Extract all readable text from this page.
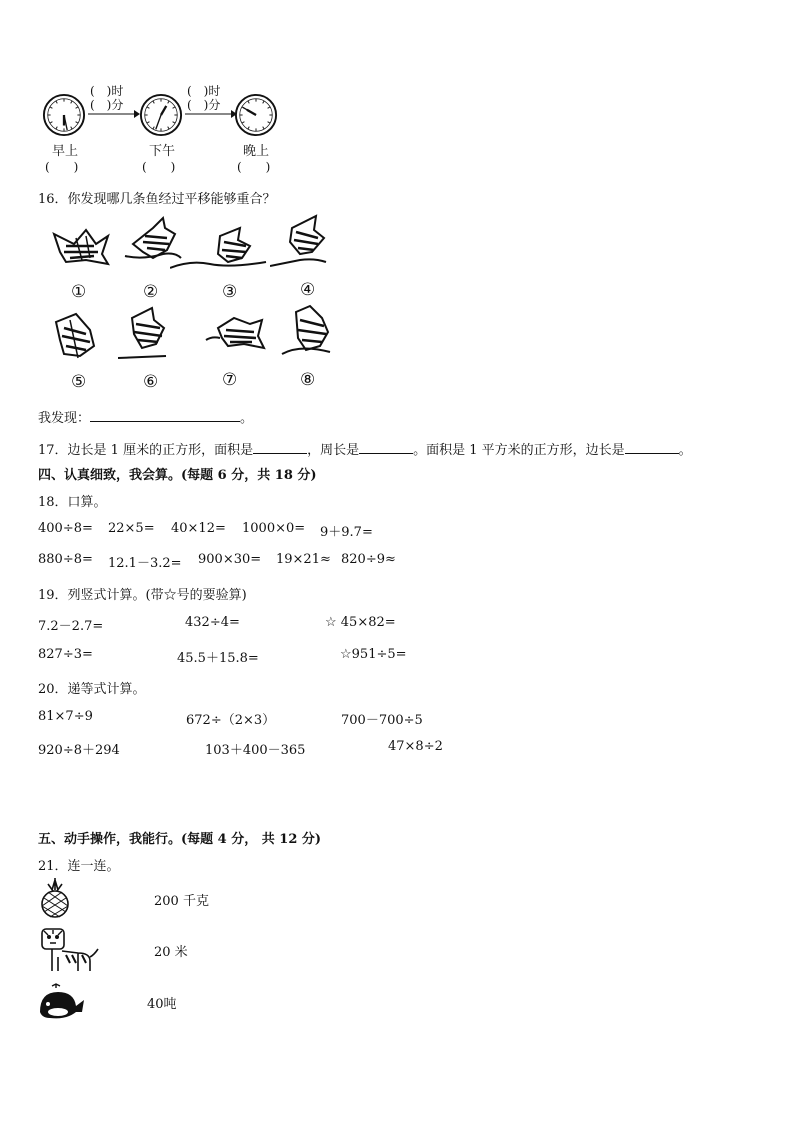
(　)时
(　)分
(　)时
(　)分
早上	下午	晚上
(　　)	(　　)	(　　)
16．你发现哪几条鱼经过平移能够重合？
①	②	③	④
⑤	⑥	⑦	⑧
我发现：	。
17．边长是 1 厘米的正方形，面积是	，周长是	。面积是 1 平方米的正方形，边长是	。
四、认真细致，我会算。(每题 6 分，共 18 分)
18．口算。
400÷8= 22×5= 40×12= 1000×0= 9＋9.7=
880÷8= 12.1－3.2= 900×30= 19×21≈ 820÷9≈
19．列竖式计算。(带☆号的要验算)
7.2－2.7=	432÷4=	☆ 45×82=
827÷3=	45.5＋15.8=	☆951÷5=
20．递等式计算。
81×7÷9	672÷（2×3）	700－700÷5
920÷8＋294	103＋400－365	47×8÷2
五、动手操作，我能行。(每题 4 分， 共 12 分)
21．连一连。
200 千克
20 米
40吨
